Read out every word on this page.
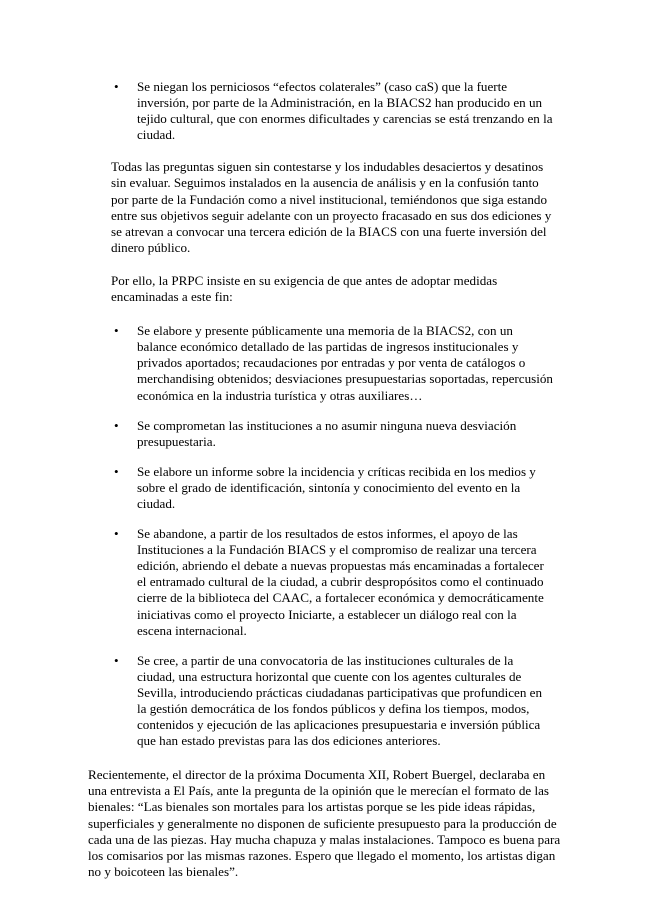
• Se niegan los perniciosos “efectos colaterales” (caso caS) que la fuerte inversión, por parte de la Administración, en la BIACS2 han producido en un tejido cultural, que con enormes dificultades y carencias se está trenzando en la ciudad.

Todas las preguntas siguen sin contestarse y los indudables desaciertos y desatinos sin evaluar. Seguimos instalados en la ausencia de análisis y en la confusión tanto por parte de la Fundación como a nivel institucional, temiéndonos que siga estando entre sus objetivos seguir adelante con un proyecto fracasado en sus dos ediciones y se atrevan a convocar una tercera edición de la BIACS con una fuerte inversión del dinero público.

Por ello, la PRPC insiste en su exigencia de que antes de adoptar medidas encaminadas a este fin:

• Se elabore y presente públicamente una memoria de la BIACS2, con un balance económico detallado de las partidas de ingresos institucionales y privados aportados; recaudaciones por entradas y por venta de catálogos o merchandising obtenidos; desviaciones presupuestarias soportadas, repercusión económica en la industria turística y otras auxiliares…
• Se comprometan las instituciones a no asumir ninguna nueva desviación presupuestaria.
• Se elabore un informe sobre la incidencia y críticas recibida en los medios y sobre el grado de identificación, sintonía y conocimiento del evento en la ciudad.
• Se abandone, a partir de los resultados de estos informes, el apoyo de las Instituciones a la Fundación BIACS y el compromiso de realizar una tercera edición, abriendo el debate a nuevas propuestas más encaminadas a fortalecer el entramado cultural de la ciudad, a cubrir despropósitos como el continuado cierre de la biblioteca del CAAC, a fortalecer económica y democráticamente iniciativas como el proyecto Iniciarte, a establecer un diálogo real con la escena internacional.
• Se cree, a partir de una convocatoria de las instituciones culturales de la ciudad, una estructura horizontal que cuente con los agentes culturales de Sevilla, introduciendo prácticas ciudadanas participativas que profundicen en la gestión democrática de los fondos públicos y defina los tiempos, modos, contenidos y ejecución de las aplicaciones presupuestaria e inversión pública que han estado previstas para las dos ediciones anteriores.

Recientemente, el director de la próxima Documenta XII, Robert Buergel, declaraba en una entrevista a El País, ante la pregunta de la opinión que le merecían el formato de las bienales: “Las bienales son mortales para los artistas porque se les pide ideas rápidas, superficiales y generalmente no disponen de suficiente presupuesto para la producción de cada una de las piezas. Hay mucha chapuza y malas instalaciones. Tampoco es buena para los comisarios por las mismas razones. Espero que llegado el momento, los artistas digan no y boicoteen las bienales”.
